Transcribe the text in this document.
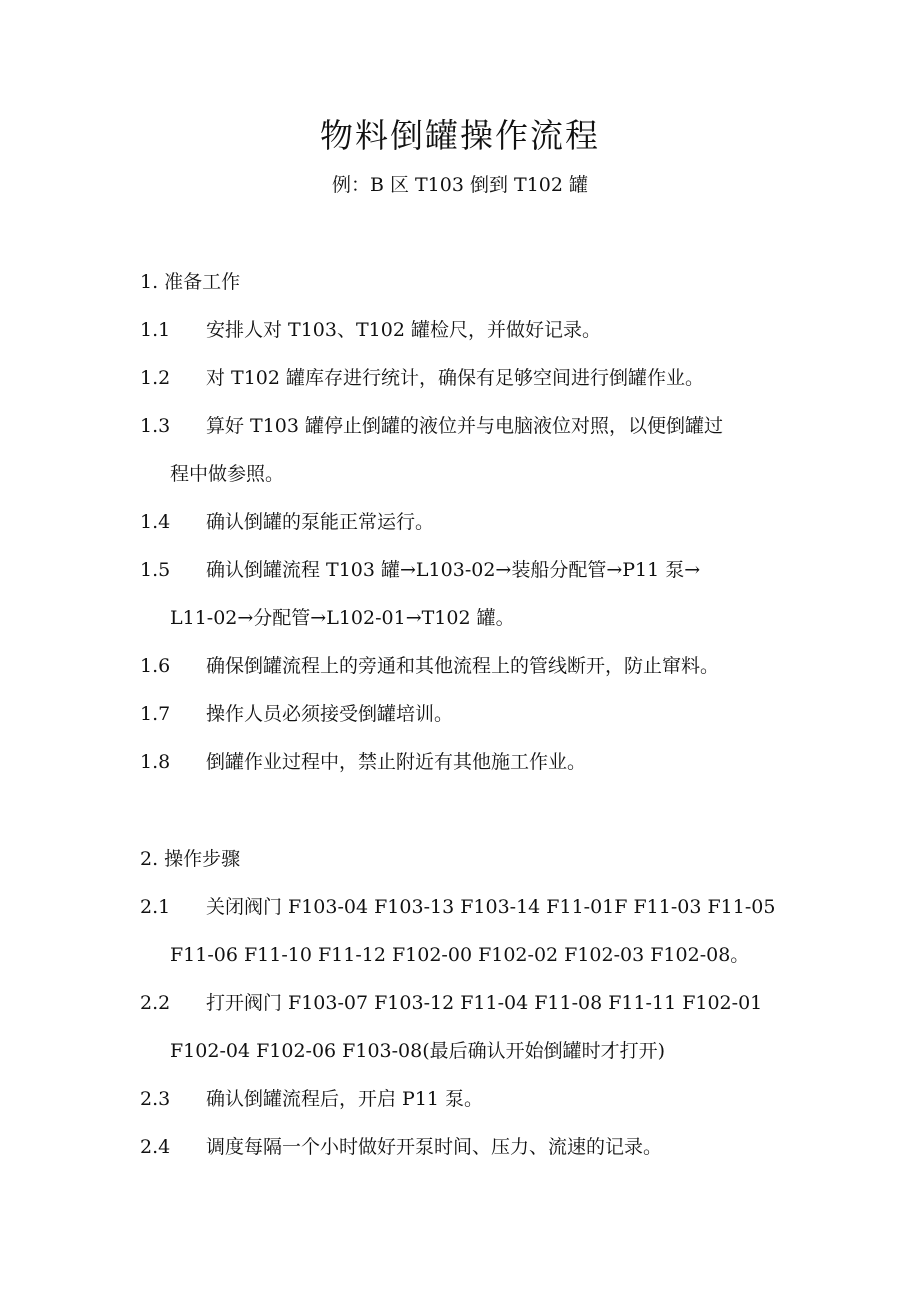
物料倒罐操作流程
例：B 区 T103 倒到 T102 罐
1. 准备工作
1.1 安排人对 T103、T102 罐检尺，并做好记录。
1.2 对 T102 罐库存进行统计，确保有足够空间进行倒罐作业。
1.3 算好 T103 罐停止倒罐的液位并与电脑液位对照，以便倒罐过
程中做参照。
1.4 确认倒罐的泵能正常运行。
1.5 确认倒罐流程 T103 罐→L103-02→装船分配管→P11 泵→
L11-02→分配管→L102-01→T102 罐。
1.6 确保倒罐流程上的旁通和其他流程上的管线断开，防止窜料。
1.7 操作人员必须接受倒罐培训。
1.8 倒罐作业过程中，禁止附近有其他施工作业。
2. 操作步骤
2.1 关闭阀门 F103-04 F103-13 F103-14 F11-01F F11-03 F11-05
F11-06 F11-10 F11-12 F102-00 F102-02 F102-03 F102-08。
2.2 打开阀门 F103-07 F103-12 F11-04 F11-08 F11-11 F102-01
F102-04 F102-06 F103-08(最后确认开始倒罐时才打开)
2.3 确认倒罐流程后，开启 P11 泵。
2.4 调度每隔一个小时做好开泵时间、压力、流速的记录。
